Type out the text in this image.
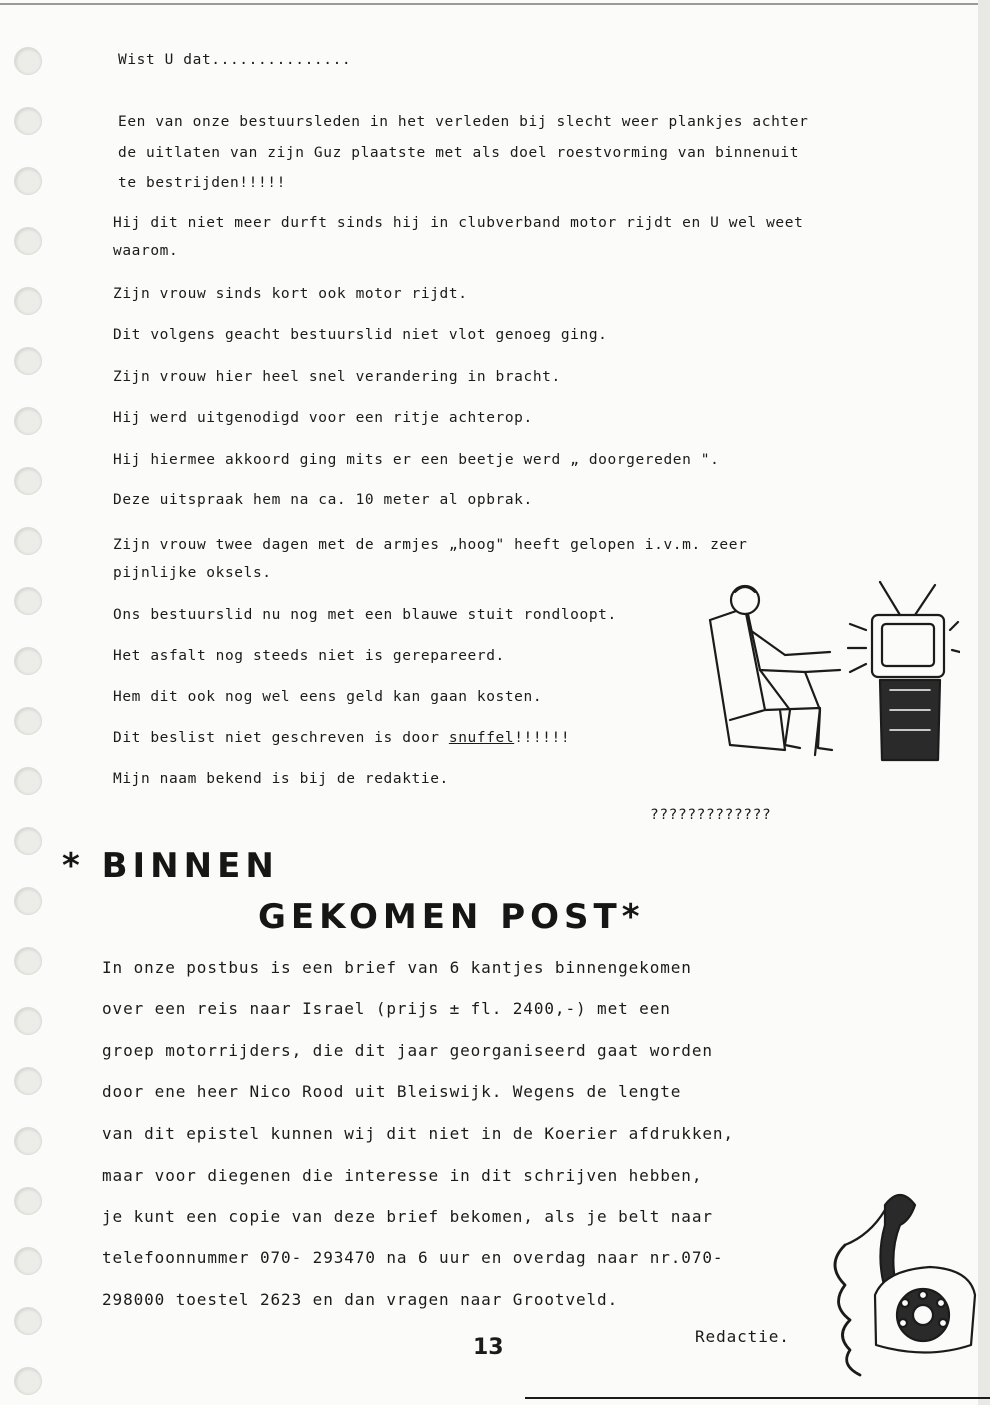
Wist U dat...............
Een van onze bestuursleden in het verleden bij slecht weer plankjes achter
de uitlaten van zijn Guz plaatste met als doel roestvorming van binnenuit
te bestrijden!!!!!
Hij dit niet meer durft sinds hij in clubverband motor rijdt en U wel weet
waarom.
Zijn vrouw sinds kort ook motor rijdt.
Dit volgens geacht bestuurslid niet vlot genoeg ging.
Zijn vrouw hier heel snel verandering in bracht.
Hij werd uitgenodigd voor een ritje achterop.
Hij hiermee akkoord ging mits er een beetje werd „ doorgereden ".
Deze uitspraak hem na ca. 10 meter al opbrak.
Zijn vrouw twee dagen met de armjes „hoog" heeft gelopen i.v.m. zeer
pijnlijke oksels.
Ons bestuurslid nu nog met een blauwe stuit rondloopt.
Het asfalt nog steeds niet is gerepareerd.
Hem dit ook nog wel eens geld kan gaan kosten.
Dit beslist niet geschreven is door snuffel!!!!!!
Mijn naam bekend is bij de redaktie.
?????????????
* BINNEN
GEKOMEN POST*
In onze postbus is een brief van 6 kantjes binnengekomen
over een reis naar Israel (prijs ± fl. 2400,-) met een
groep motorrijders, die dit jaar georganiseerd gaat worden
door ene heer Nico Rood uit Bleiswijk. Wegens de lengte
van dit epistel kunnen wij dit niet in de Koerier afdrukken,
maar voor diegenen die interesse in dit schrijven hebben,
je kunt een copie van deze brief bekomen, als je belt naar
telefoonnummer 070- 293470 na 6 uur en overdag naar nr.070-
298000 toestel 2623 en dan vragen naar Grootveld.
Redactie.
13
